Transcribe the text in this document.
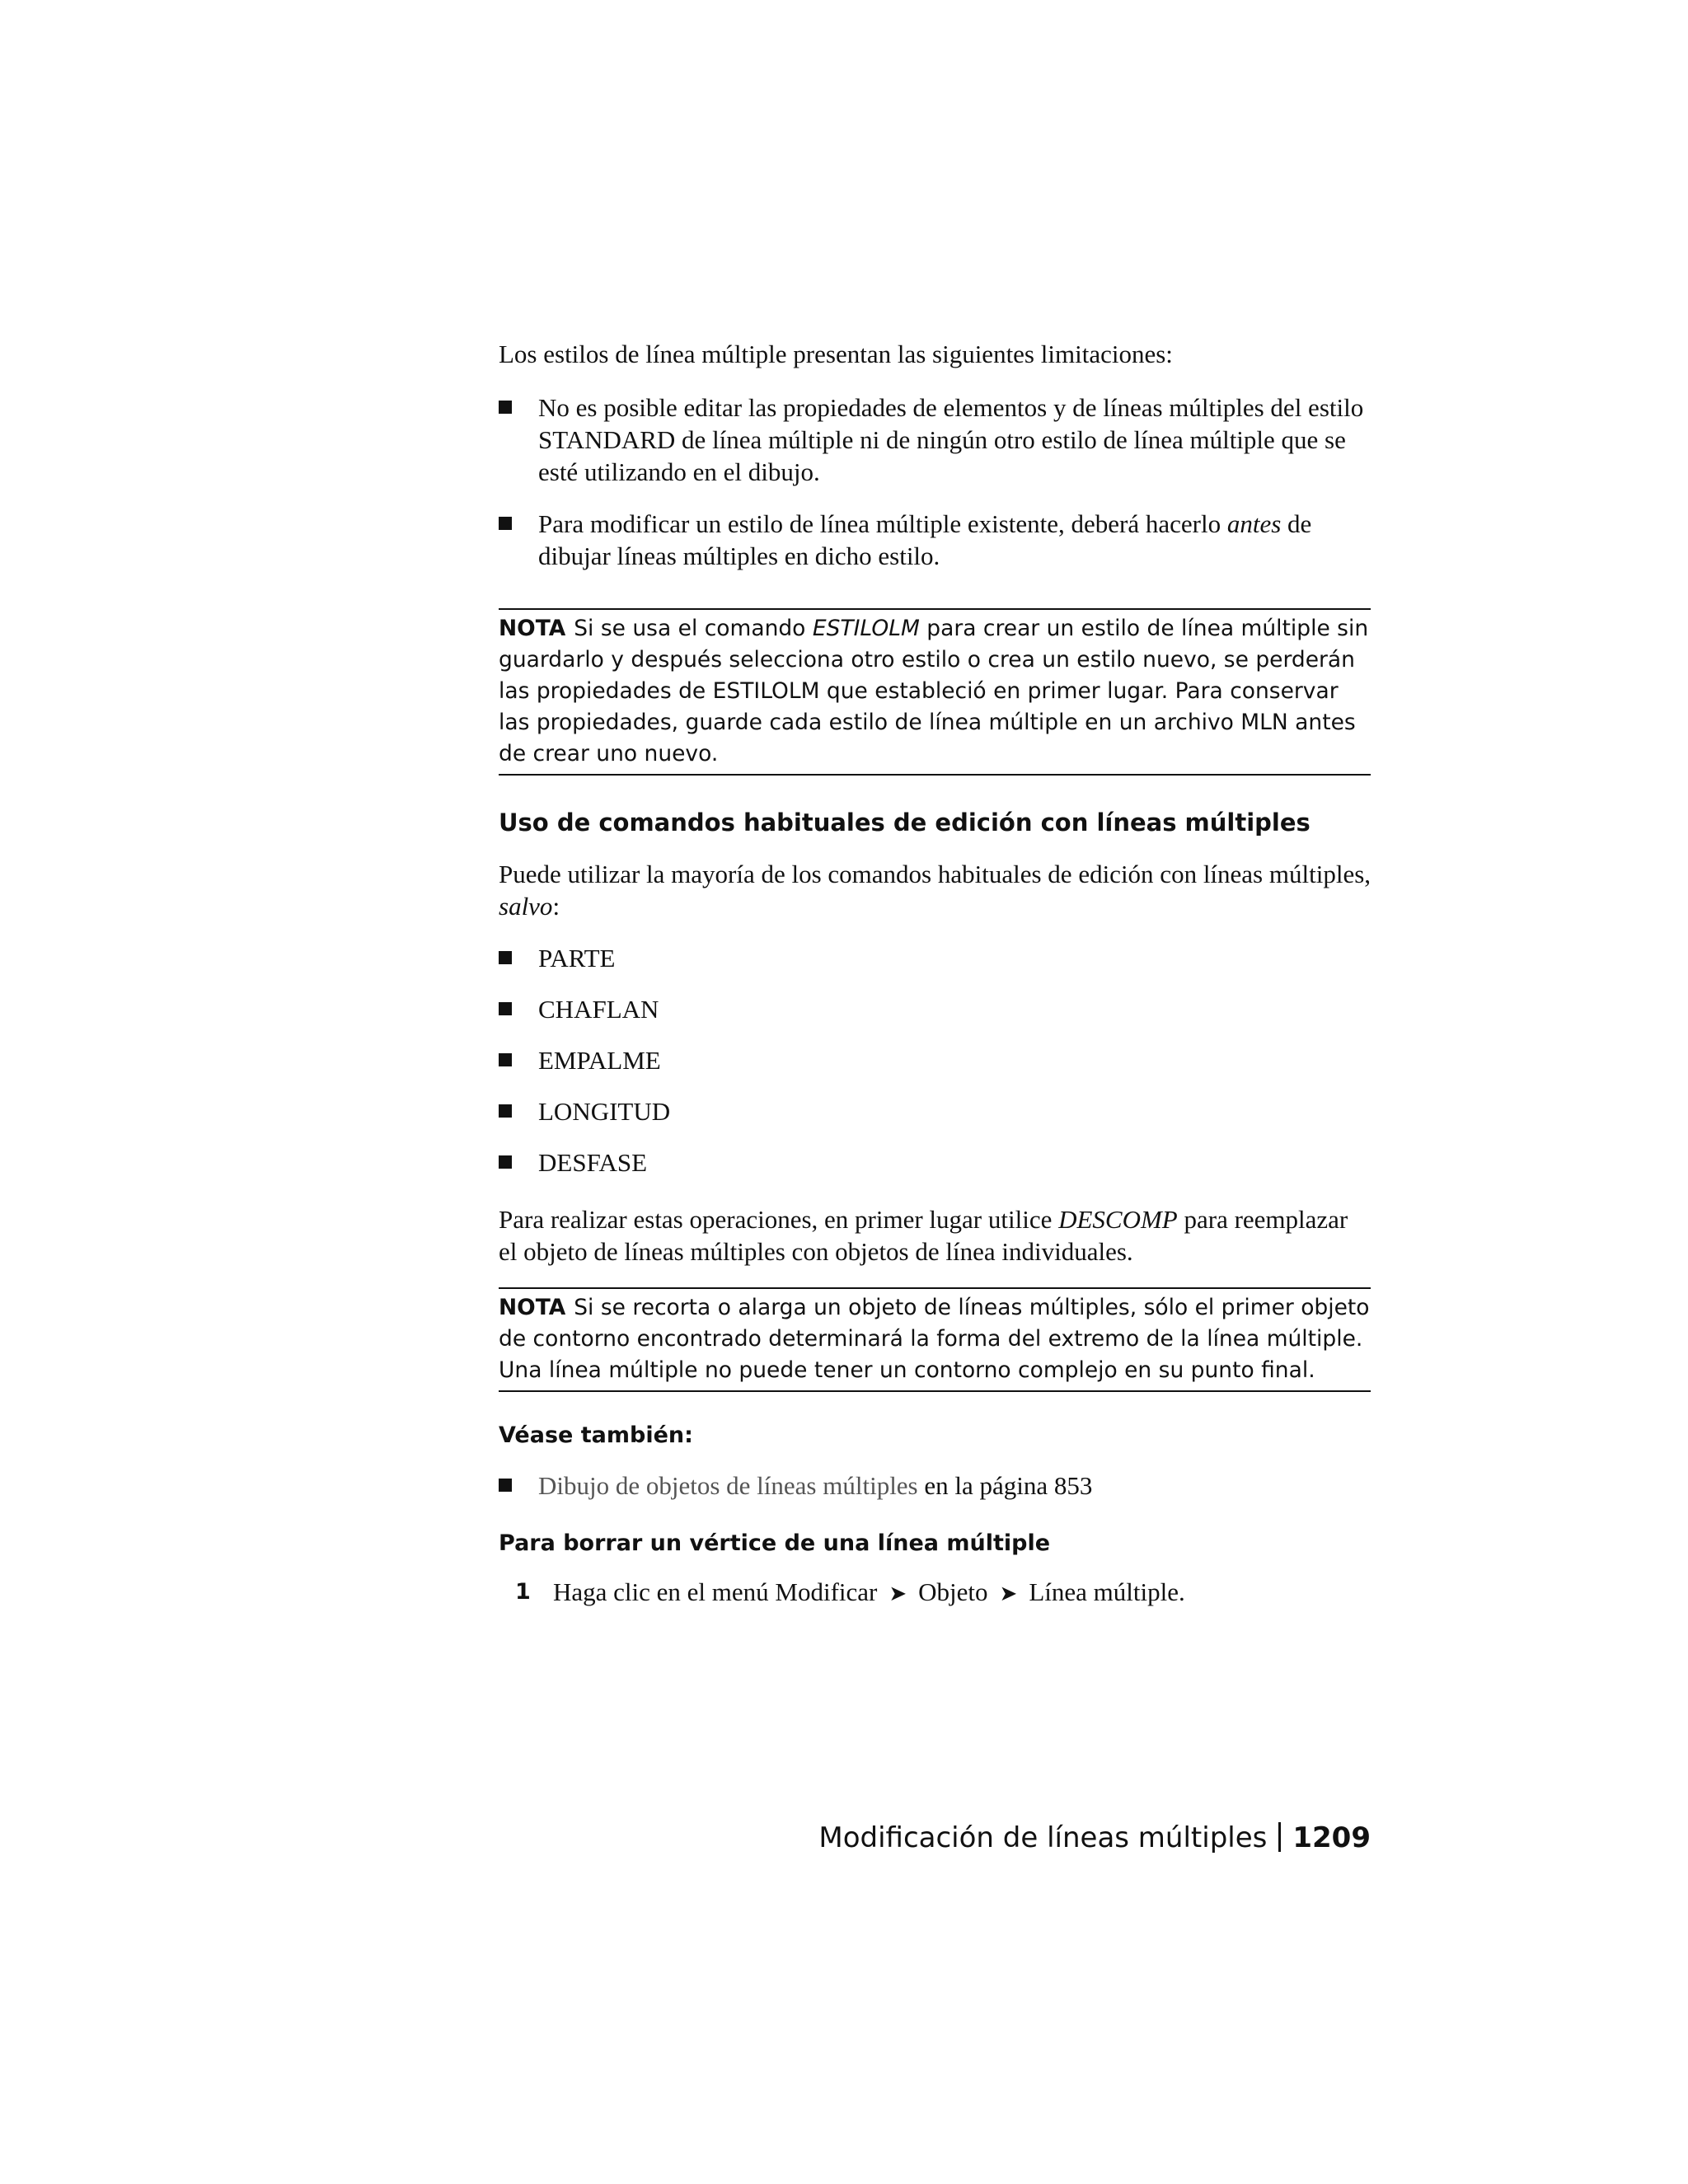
Los estilos de línea múltiple presentan las siguientes limitaciones:

No es posible editar las propiedades de elementos y de líneas múltiples del estilo STANDARD de línea múltiple ni de ningún otro estilo de línea múltiple que se esté utilizando en el dibujo.
Para modificar un estilo de línea múltiple existente, deberá hacerlo antes de dibujar líneas múltiples en dicho estilo.
NOTA Si se usa el comando ESTILOLM para crear un estilo de línea múltiple sin guardarlo y después selecciona otro estilo o crea un estilo nuevo, se perderán las propiedades de ESTILOLM que estableció en primer lugar. Para conservar las propiedades, guarde cada estilo de línea múltiple en un archivo MLN antes de crear uno nuevo.
Uso de comandos habituales de edición con líneas múltiples

Puede utilizar la mayoría de los comandos habituales de edición con líneas múltiples, salvo:

PARTE
CHAFLAN
EMPALME
LONGITUD
DESFASE

Para realizar estas operaciones, en primer lugar utilice DESCOMP para reemplazar el objeto de líneas múltiples con objetos de línea individuales.

NOTA Si se recorta o alarga un objeto de líneas múltiples, sólo el primer objeto de contorno encontrado determinará la forma del extremo de la línea múltiple. Una línea múltiple no puede tener un contorno complejo en su punto final.
Véase también:
Dibujo de objetos de líneas múltiples en la página 853
Para borrar un vértice de una línea múltiple
1 Haga clic en el menú Modificar ➤ Objeto ➤ Línea múltiple.
Modificación de líneas múltiples 1209
